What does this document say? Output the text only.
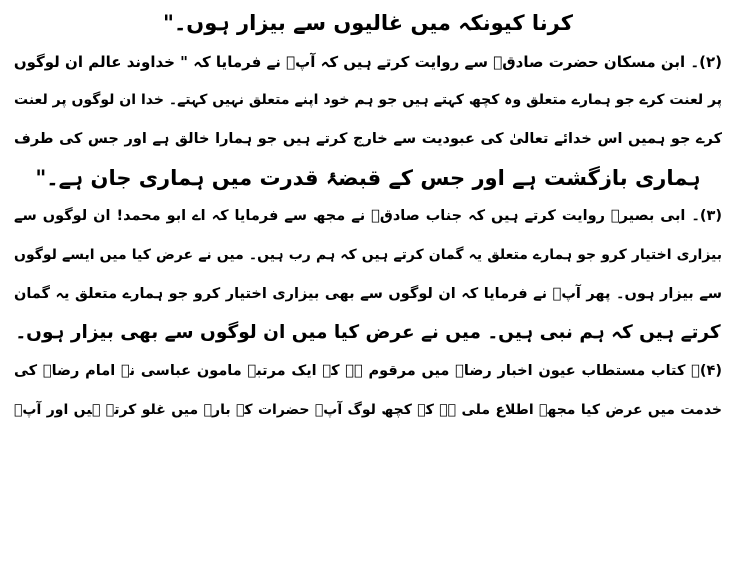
کرنا کیونکہ میں غالیوں سے بیزار ہوں۔"
(۲)۔ ابن مسکان حضرت صادقؑ سے روایت کرتے ہیں کہ آپؑ نے فرمایا کہ " خداوند عالم ان لوگوں
پر لعنت کرے جو ہمارے متعلق وہ کچھ کہتے ہیں جو ہم خود اپنے متعلق نہیں کہتے۔ خدا ان لوگوں پر لعنت
کرے جو ہمیں اس خدائے تعالیٰ کی عبودیت سے خارج کرتے ہیں جو ہمارا خالق ہے اور جس کی طرف
ہماری بازگشت ہے اور جس کے قبضۂ قدرت میں ہماری جان ہے۔"
(۳)۔ ابی بصیرؒ روایت کرتے ہیں کہ جناب صادقؑ نے مجھ سے فرمایا کہ اے ابو محمد! ان لوگوں سے
بیزاری اختیار کرو جو ہمارے متعلق یہ گمان کرتے ہیں کہ ہم رب ہیں۔ میں نے عرض کیا میں ایسے لوگوں
سے بیزار ہوں۔ پھر آپؑ نے فرمایا کہ ان لوگوں سے بھی بیزاری اختیار کرو جو ہمارے متعلق یہ گمان
کرتے ہیں کہ ہم نبی ہیں۔ میں نے عرض کیا میں ان لوگوں سے بھی بیزار ہوں۔
(۴)۔ کتاب مستطاب عیون اخبار رضاؑ میں مرقوم ہے کہ ایک مرتبہ مامون عباسی نے امام رضاؑ کی
خدمت میں عرض کیا مجھے اطلاع ملی ہے کہ کچھ لوگ آپؑ حضرات کے بارے میں غلو کرتے ہیں اور آپؑ
